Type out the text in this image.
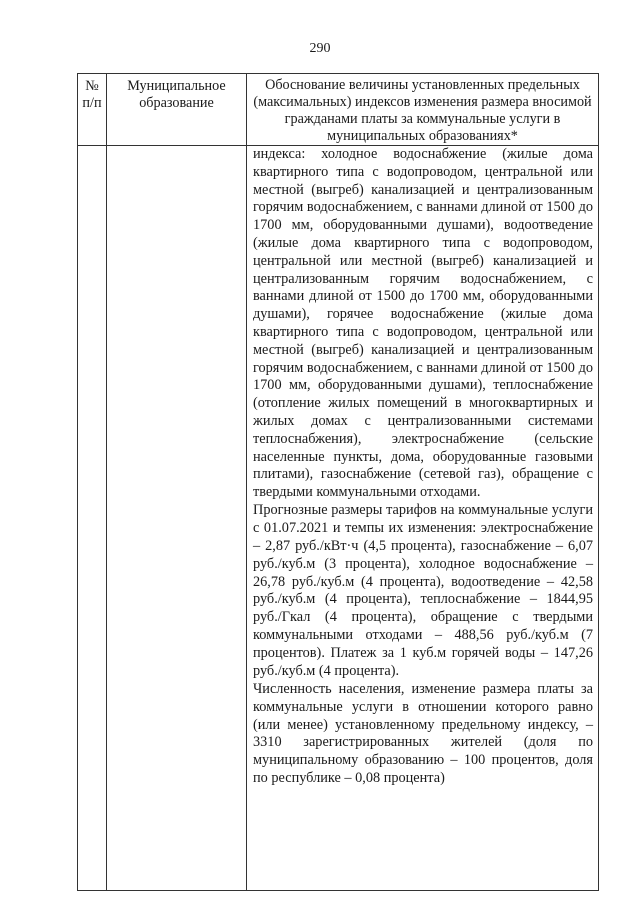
290
№ п/п	Муниципальное образование	Обоснование величины установленных предельных (максимальных) индексов изменения размера вносимой гражданами платы за коммунальные услуги в муниципальных образованиях*

		индекса: холодное водоснабжение (жилые дома квартирного типа с водопроводом, центральной или местной (выгреб) канализацией и централизованным горячим водоснабжением, с ваннами длиной от 1500 до 1700 мм, оборудованными душами), водоотведение (жилые дома квартирного типа с водопроводом, центральной или местной (выгреб) канализацией и централизованным горячим водоснабжением, с ваннами длиной от 1500 до 1700 мм, оборудованными душами), горячее водоснабжение (жилые дома квартирного типа с водопроводом, центральной или местной (выгреб) канализацией и централизованным горячим водоснабжением, с ваннами длиной от 1500 до 1700 мм, оборудованными душами), теплоснабжение (отопление жилых помещений в многоквартирных и жилых домах с централизованными системами теплоснабжения), электроснабжение (сельские населенные пункты, дома, оборудованные газовыми плитами), газоснабжение (сетевой газ), обращение с твердыми коммунальными отходами.

Прогнозные размеры тарифов на коммунальные услуги с 01.07.2021 и темпы их изменения: электроснабжение – 2,87 руб./кВт·ч (4,5 процента), газоснабжение – 6,07 руб./куб.м (3 процента), холодное водоснабжение – 26,78 руб./куб.м (4 процента), водоотведение – 42,58 руб./куб.м (4 процента), теплоснабжение – 1844,95 руб./Гкал (4 процента), обращение с твердыми коммунальными отходами – 488,56 руб./куб.м (7 процентов). Платеж за 1 куб.м горячей воды – 147,26 руб./куб.м (4 процента).

Численность населения, изменение размера платы за коммунальные услуги в отношении которого равно (или менее) установленному предельному индексу, – 3310 зарегистрированных жителей (доля по муниципальному образованию – 100 процентов, доля по республике – 0,08 процента)
